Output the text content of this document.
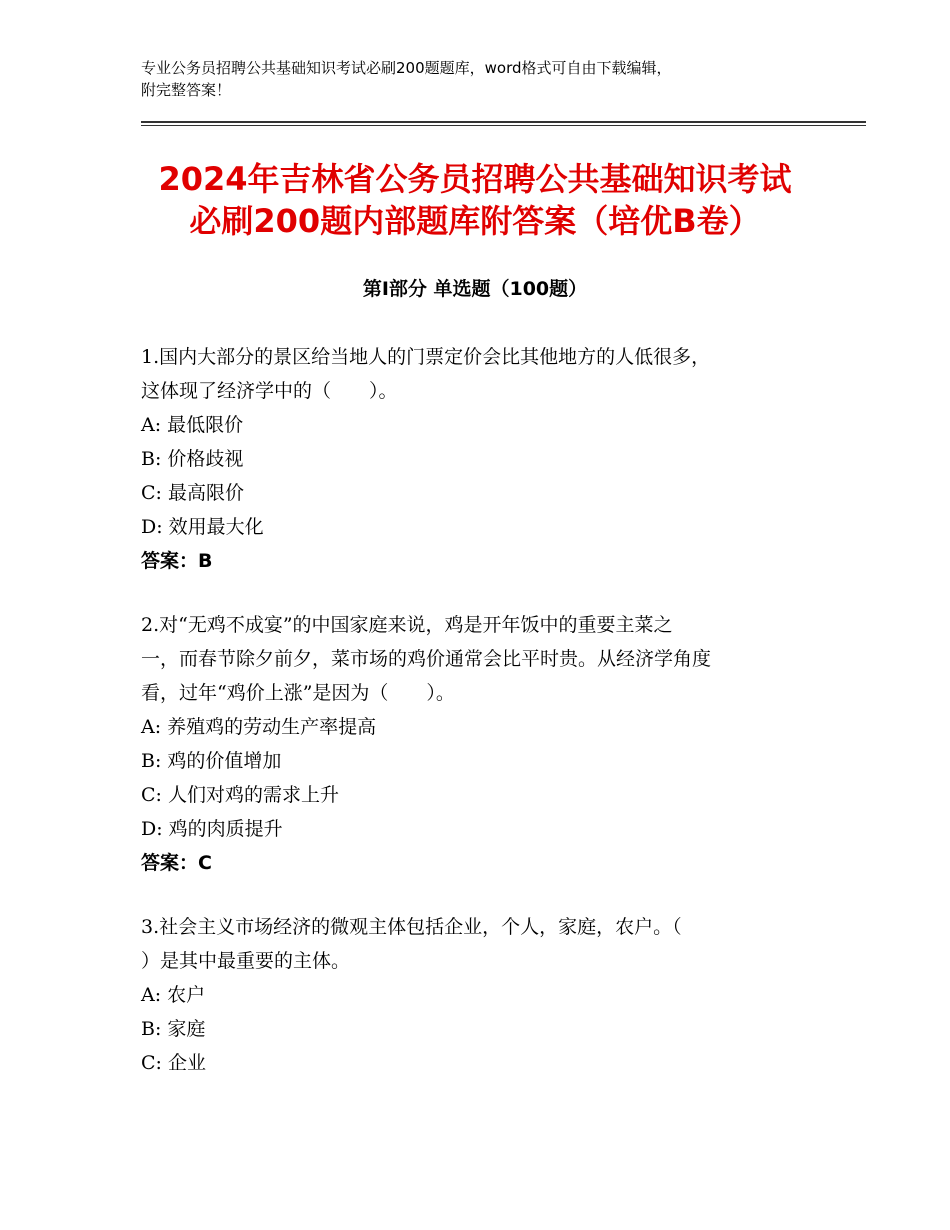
专业公务员招聘公共基础知识考试必刷200题题库，word格式可自由下载编辑，
附完整答案！
2024年吉林省公务员招聘公共基础知识考试
必刷200题内部题库附答案（培优B卷）
第Ⅰ部分 单选题（100题）
1.国内大部分的景区给当地人的门票定价会比其他地方的人低很多，
这体现了经济学中的（　　）。
A: 最低限价
B: 价格歧视
C: 最高限价
D: 效用最大化
答案：B
2.对“无鸡不成宴”的中国家庭来说，鸡是开年饭中的重要主菜之
一，而春节除夕前夕，菜市场的鸡价通常会比平时贵。从经济学角度
看，过年“鸡价上涨”是因为（　　）。
A: 养殖鸡的劳动生产率提高
B: 鸡的价值增加
C: 人们对鸡的需求上升
D: 鸡的肉质提升
答案：C
3.社会主义市场经济的微观主体包括企业，个人，家庭，农户。（
）是其中最重要的主体。
A: 农户
B: 家庭
C: 企业
